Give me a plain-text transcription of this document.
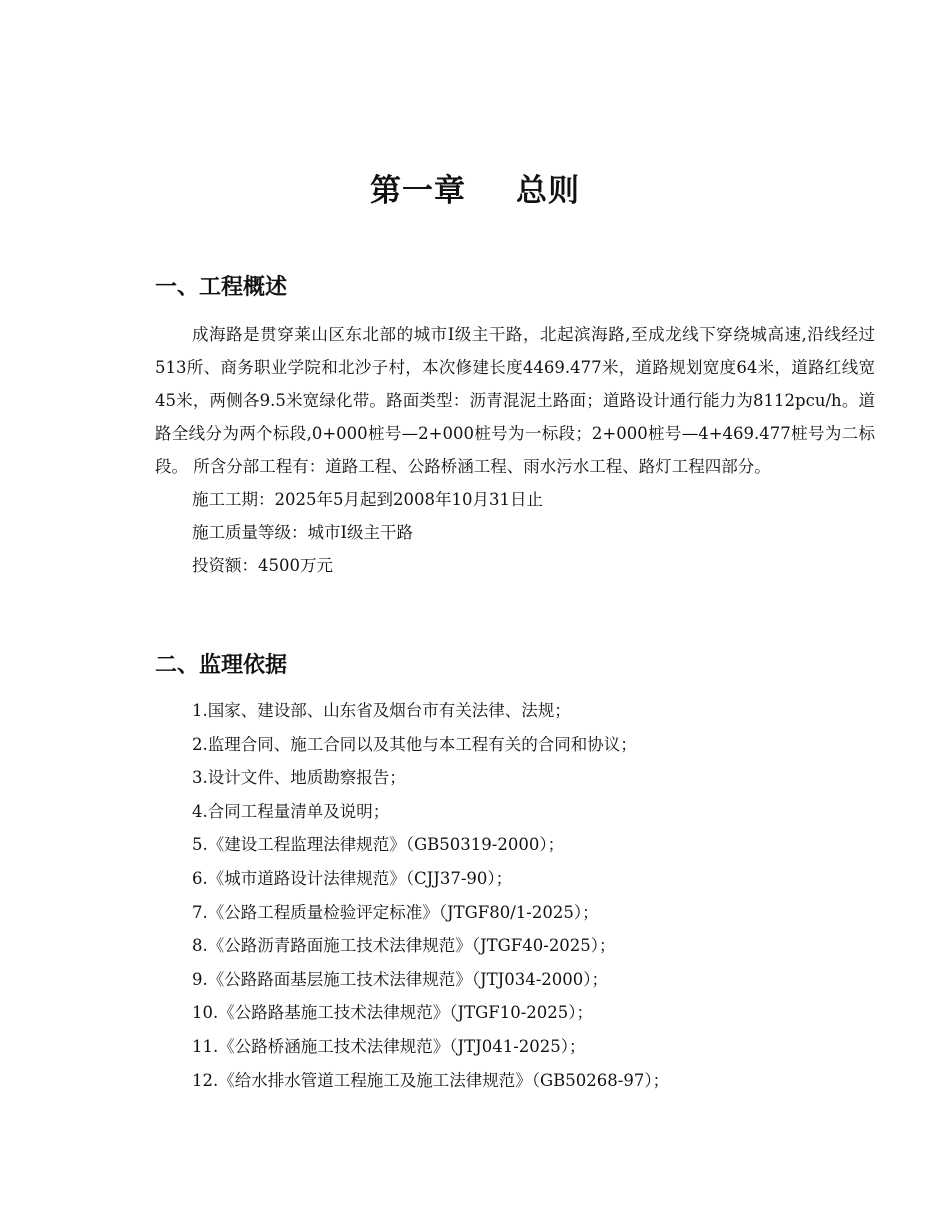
第一章 总则
一、工程概述

成海路是贯穿莱山区东北部的城市Ⅰ级主干路，北起滨海路,至成龙线下穿绕城高速,沿线经过513所、商务职业学院和北沙子村，本次修建长度4469.477米，道路规划宽度64米，道路红线宽45米，两侧各9.5米宽绿化带。路面类型：沥青混泥土路面；道路设计通行能力为8112pcu/h。道路全线分为两个标段,0+000桩号—2+000桩号为一标段；2+000桩号—4+469.477桩号为二标段。 所含分部工程有：道路工程、公路桥涵工程、雨水污水工程、路灯工程四部分。

施工工期：2025年5月起到2008年10月31日止

施工质量等级：城市Ⅰ级主干路

投资额：4500万元

二、监理依据
1.国家、建设部、山东省及烟台市有关法律、法规；
2.监理合同、施工合同以及其他与本工程有关的合同和协议；
3.设计文件、地质勘察报告；
4.合同工程量清单及说明；
5.《建设工程监理法律规范》（GB50319-2000）；
6.《城市道路设计法律规范》（CJJ37-90）；
7.《公路工程质量检验评定标准》（JTGF80/1-2025）；
8.《公路沥青路面施工技术法律规范》（JTGF40-2025）；
9.《公路路面基层施工技术法律规范》（JTJ034-2000）；
10.《公路路基施工技术法律规范》（JTGF10-2025）；
11.《公路桥涵施工技术法律规范》（JTJ041-2025）；
12.《给水排水管道工程施工及施工法律规范》（GB50268-97）；
